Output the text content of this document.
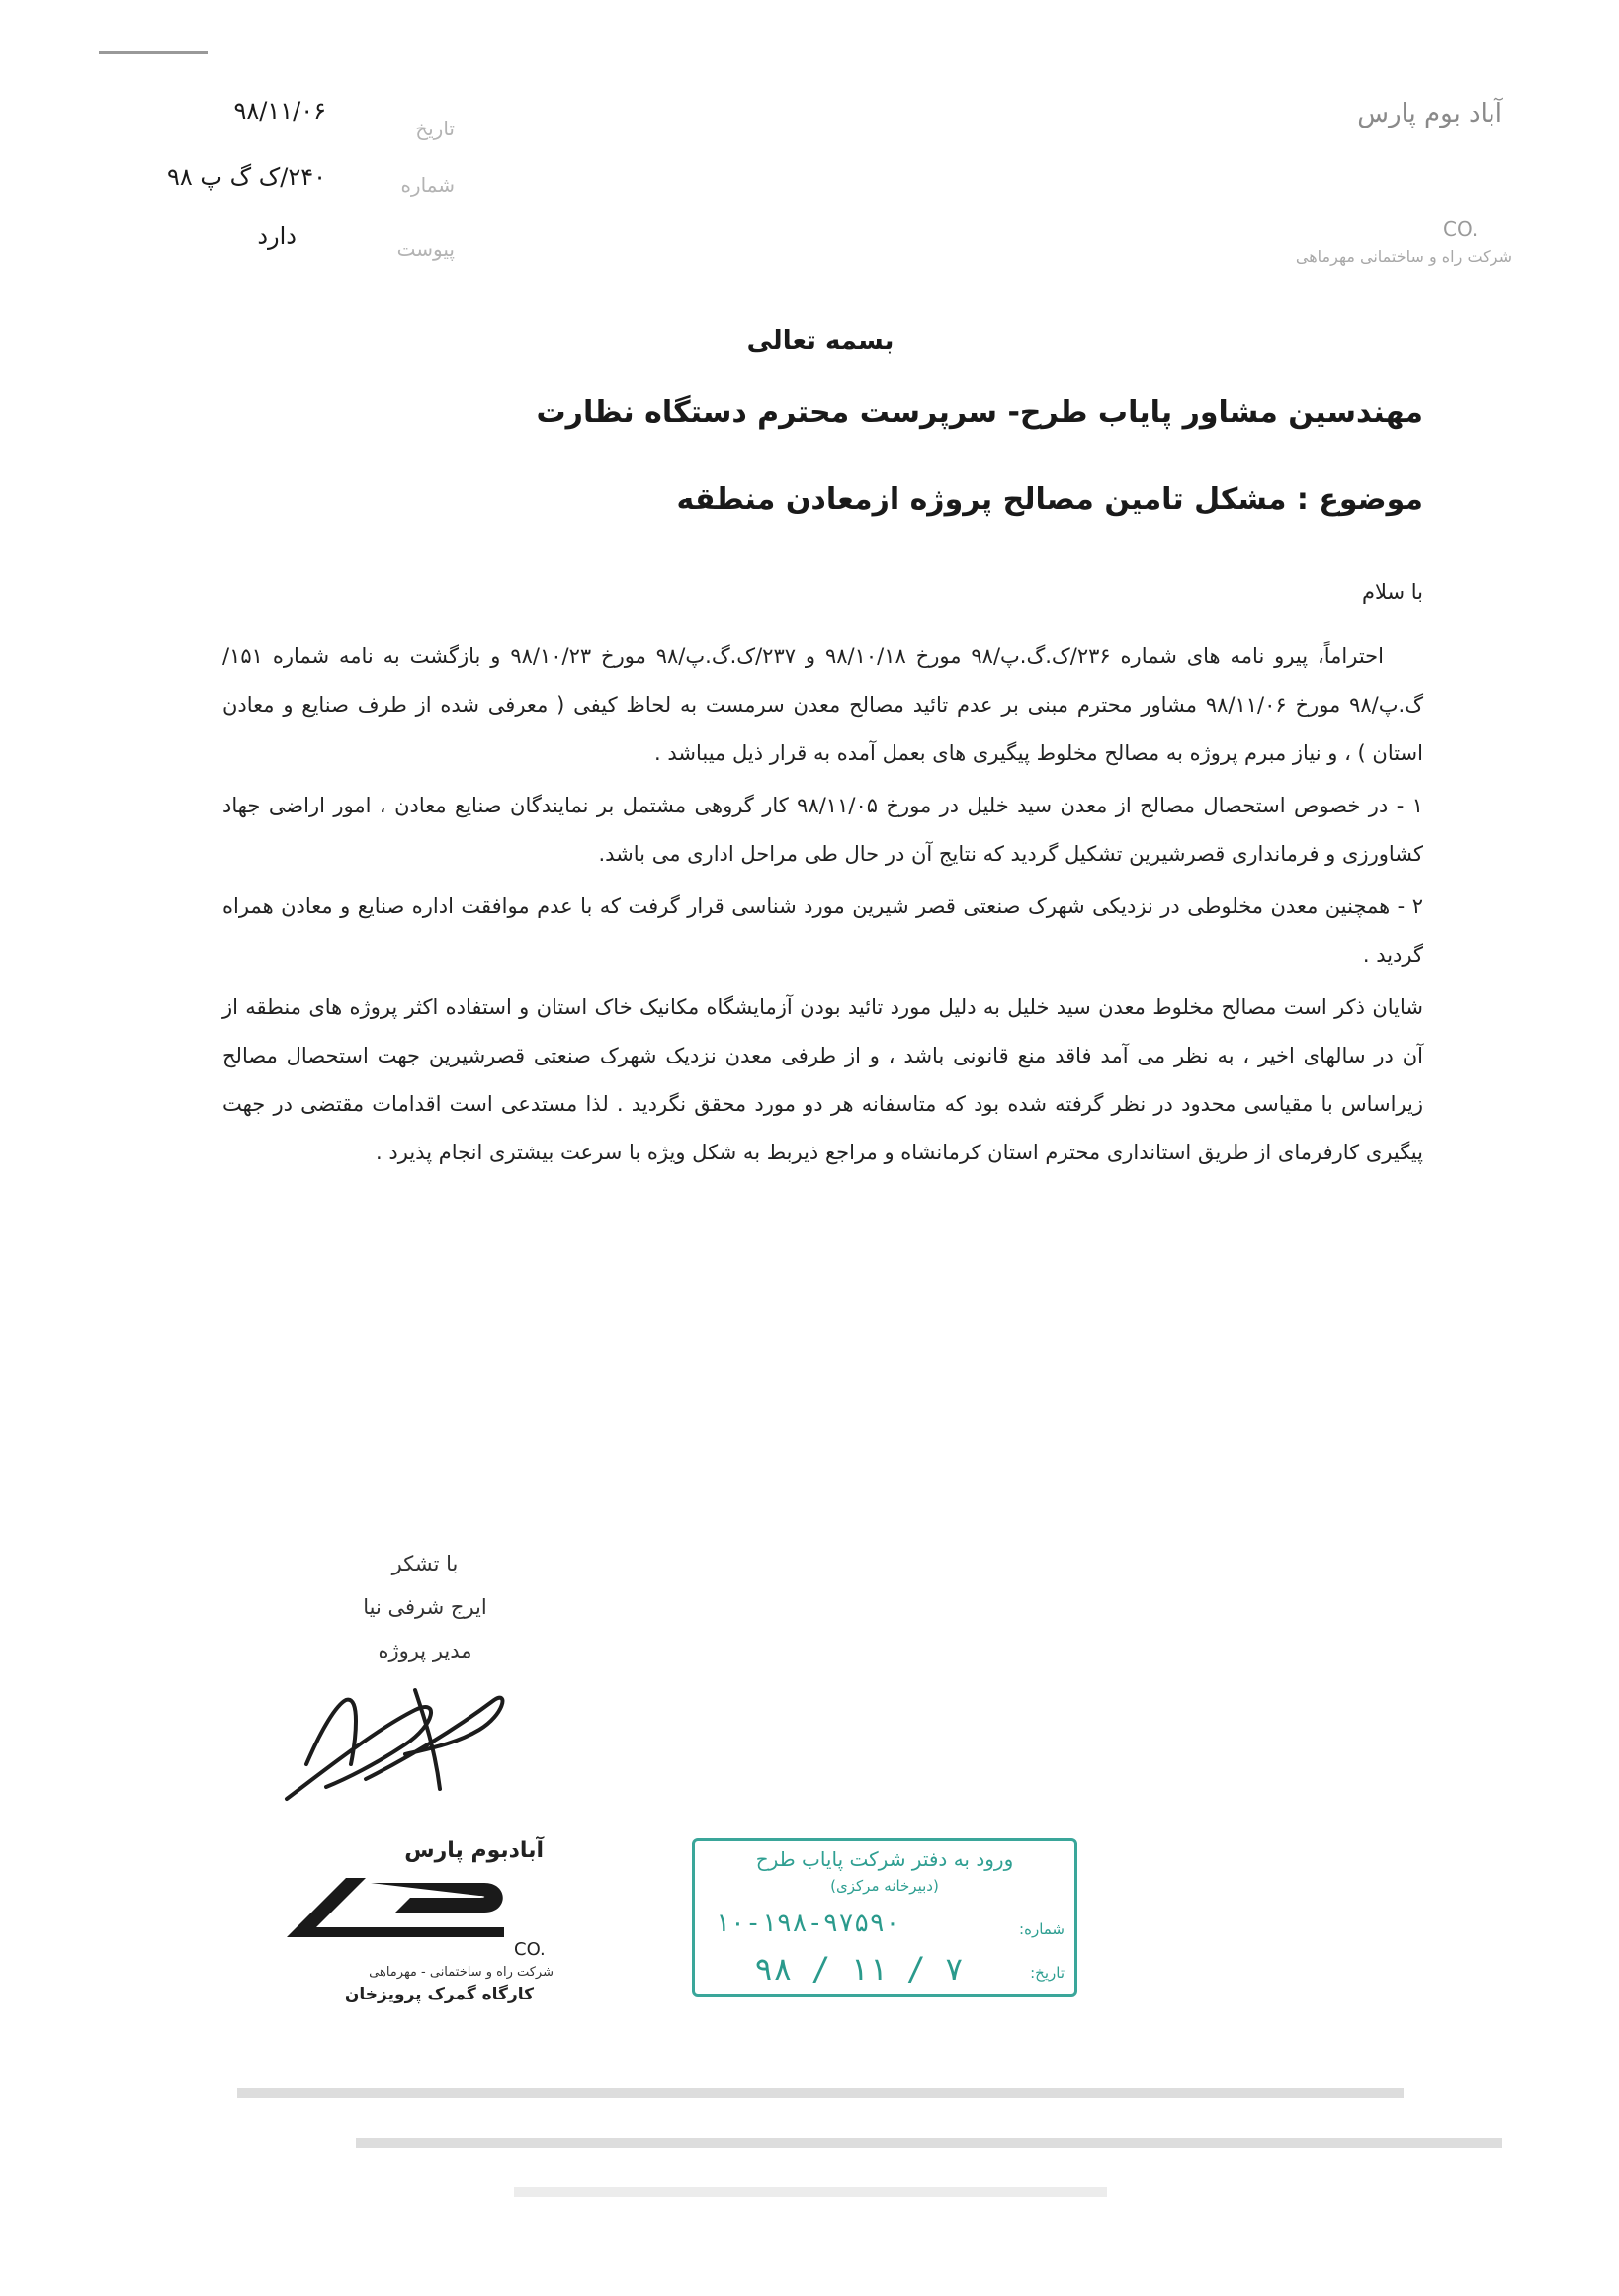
۹۸/۱۱/۰۶
تاریخ
۲۴۰/ک گ پ ۹۸	شماره
دارد	پیوست
آباد بوم پارس
CO.
شرکت راه و ساختمانی مهرماهی
بسمه تعالی
مهندسین مشاور پایاب طرح- سرپرست محترم دستگاه نظارت
موضوع : مشکل تامین مصالح پروژه ازمعادن منطقه
با سلام

احتراماً، پیرو نامه های شماره ۲۳۶/ک.گ.پ/۹۸ مورخ ۹۸/۱۰/۱۸ و ۲۳۷/ک.گ.پ/۹۸ مورخ ۹۸/۱۰/۲۳ و بازگشت به نامه شماره ۱۵۱/ گ.پ/۹۸ مورخ ۹۸/۱۱/۰۶ مشاور محترم مبنی بر عدم تائید مصالح معدن سرمست به لحاظ کیفی ( معرفی شده از طرف صنایع و معادن استان ) ، و نیاز مبرم پروژه به مصالح مخلوط پیگیری های بعمل آمده به قرار ذیل میباشد .

۱ - در خصوص استحصال مصالح از معدن سید خلیل در مورخ ۹۸/۱۱/۰۵ کار گروهی مشتمل بر نمایندگان صنایع معادن ، امور اراضی جهاد کشاورزی و فرمانداری قصرشیرین تشکیل گردید که نتایج آن در حال طی مراحل اداری می باشد.

۲ - همچنین معدن مخلوطی در نزدیکی شهرک صنعتی قصر شیرین مورد شناسی قرار گرفت که با عدم موافقت اداره صنایع و معادن همراه گردید .

شایان ذکر است مصالح مخلوط معدن سید خلیل به دلیل مورد تائید بودن آزمایشگاه مکانیک خاک استان و استفاده اکثر پروژه های منطقه از آن در سالهای اخیر ، به نظر می آمد فاقد منع قانونی باشد ، و از طرفی معدن نزدیک شهرک صنعتی قصرشیرین جهت استحصال مصالح زیراساس با مقیاسی محدود در نظر گرفته شده بود که متاسفانه هر دو مورد محقق نگردید . لذا مستدعی است اقدامات مقتضی در جهت پیگیری کارفرمای از طریق استانداری محترم استان کرمانشاه و مراجع ذیربط به شکل ویژه با سرعت بیشتری انجام پذیرد .

با تشکر
ایرج شرفی نیا
مدیر پروژه
آبادبوم پارس
CO.
شرکت راه و ساختمانی - مهرماهی
کارگاه گمرک پرویزخان
ورود به دفتر شرکت پایاب طرح
(دبیرخانه مرکزی)
شماره:
۱۰-۱۹۸-۹۷۵۹۰
تاریخ:
۹۸ / ۱۱ / ۷
